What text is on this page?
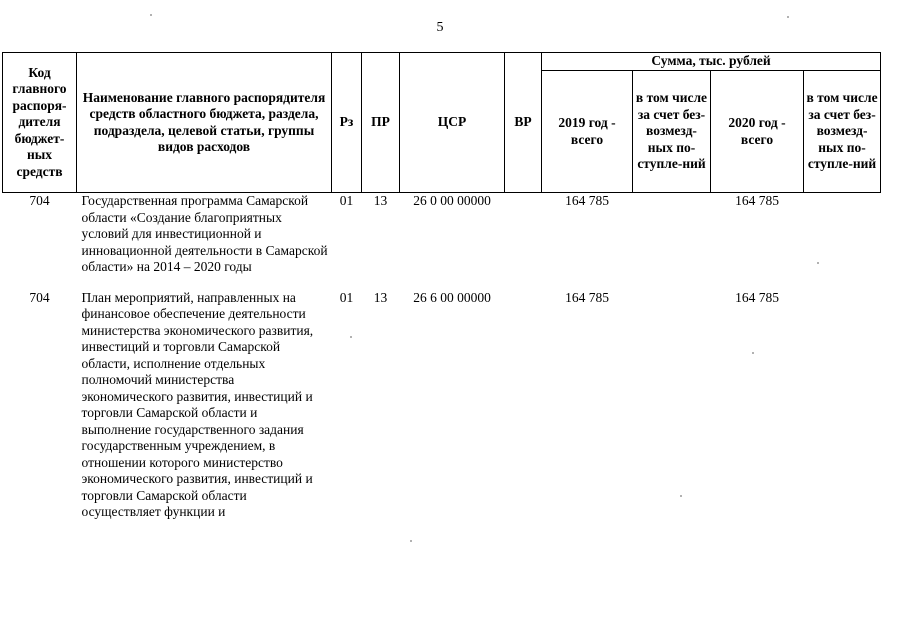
5
Код главного распоря-дителя бюджет-ных средств	Наименование главного распорядителя средств областного бюджета, раздела, подраздела, целевой статьи, группы видов расходов	Рз	ПР	ЦСР	ВР	Сумма, тыс. рублей			
						2019 год - всего	в том числе за счет без-возмезд-ных по-ступле-ний	2020 год - всего	в том числе за счет без-возмезд-ных по-ступле-ний
704	Государственная программа Самарской области «Создание благоприятных условий для инвестиционной и инновационной деятельности в Самарской области» на 2014 – 2020 годы	01	13	26 0 00 00000		164 785		164 785	
704	План мероприятий, направленных на финансовое обеспечение деятельности министерства экономического развития, инвестиций и торговли Самарской области, исполнение отдельных полномочий министерства экономического развития, инвестиций и торговли Самарской области и выполнение государственного задания государственным учреждением, в отношении которого министерство экономического развития, инвестиций и торговли Самарской области осуществляет функции и	01	13	26 6 00 00000		164 785		164 785	
